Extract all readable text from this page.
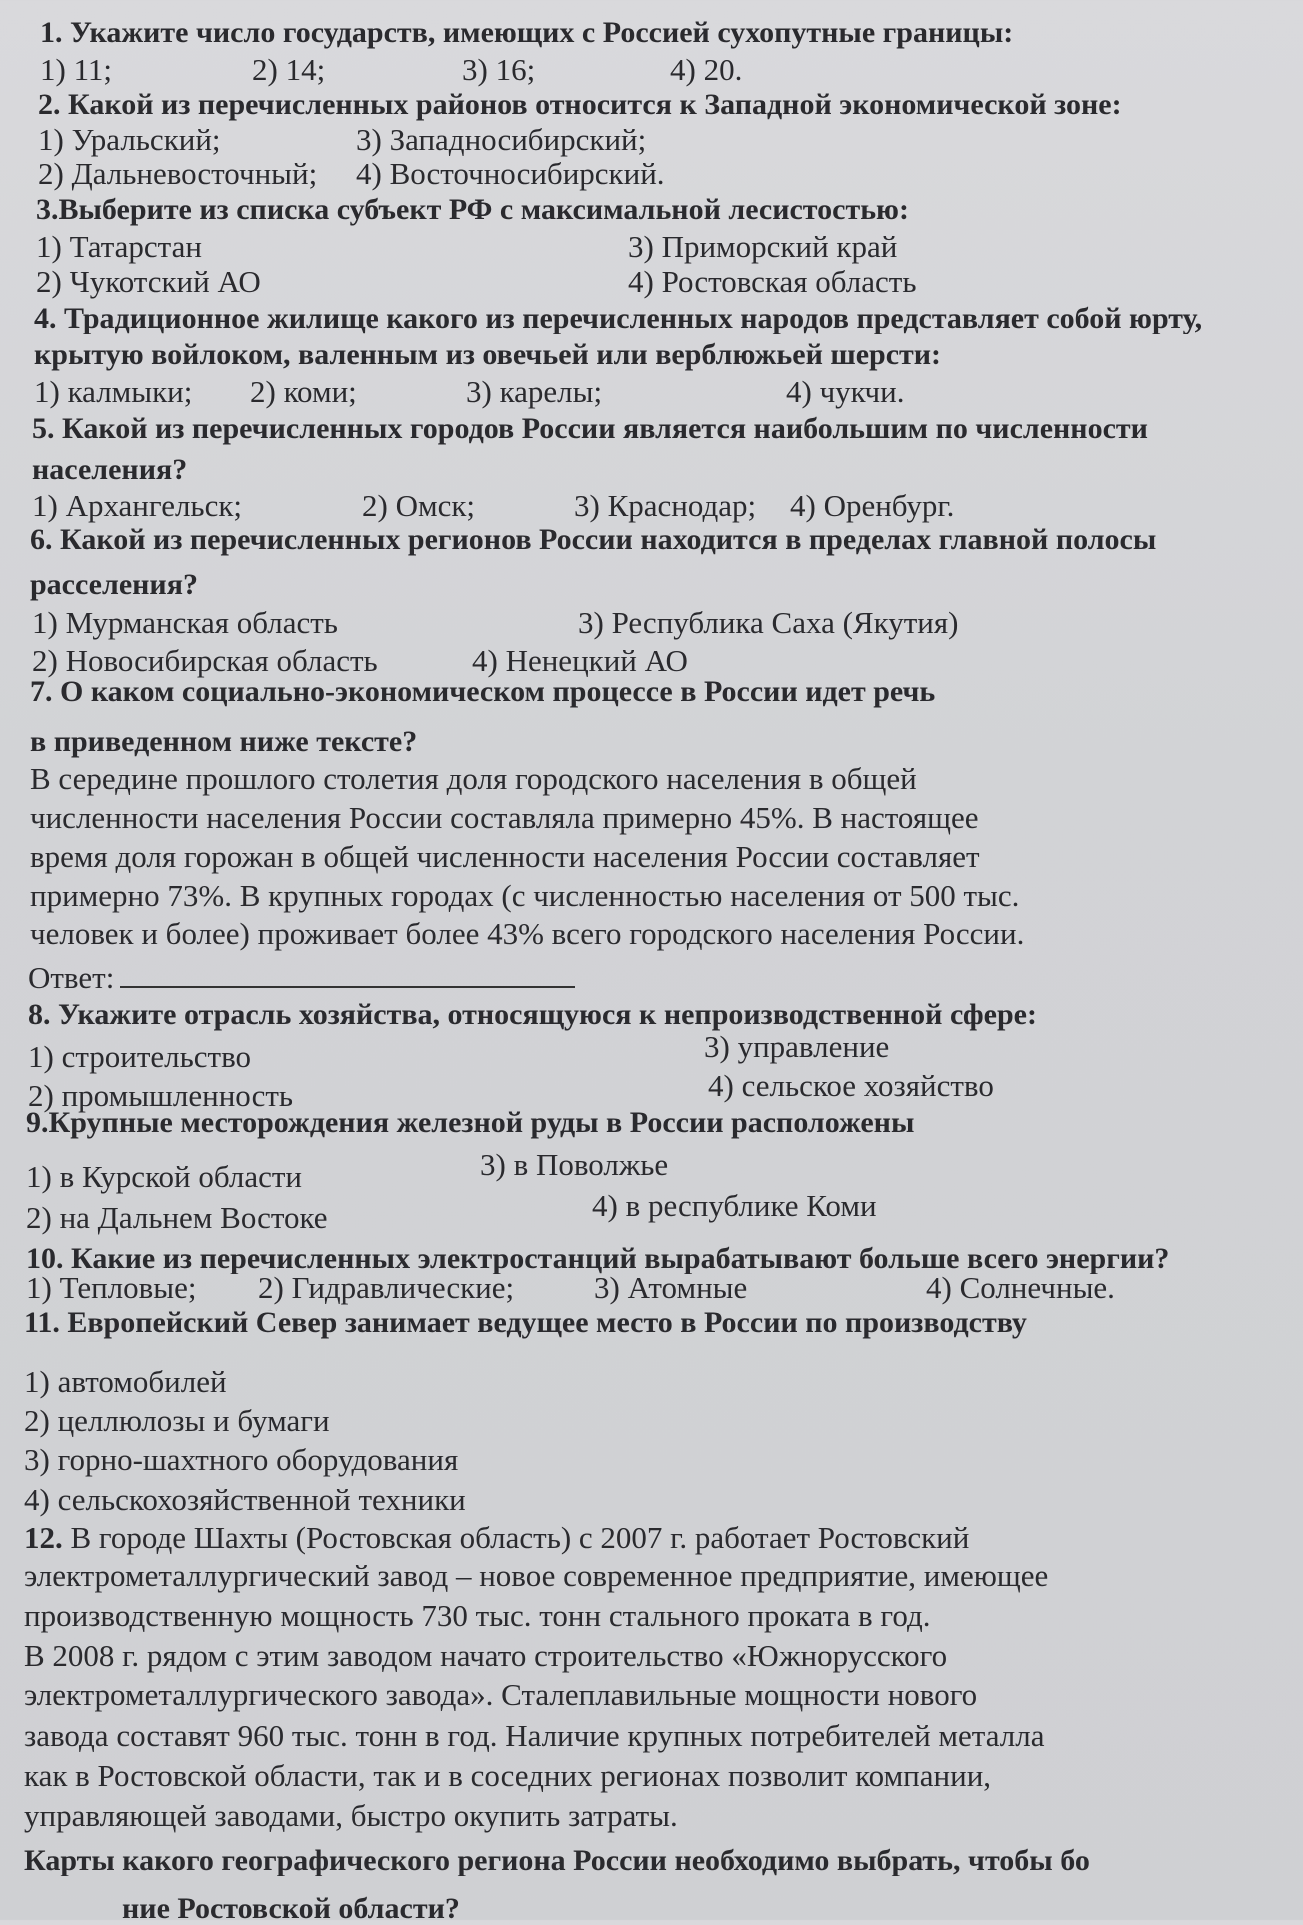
1. Укажите число государств, имеющих с Россией сухопутные границы:
1) 11;	2) 14;	3) 16;	4) 20.
2. Какой из перечисленных районов относится к Западной экономической зоне:
1) Уральский;	3) Западносибирский;
2) Дальневосточный; 4) Восточносибирский.
3.Выберите из списка субъект РФ с максимальной лесистостью:
1) Татарстан	3) Приморский край
2) Чукотский АО	4) Ростовская область
4. Традиционное жилище какого из перечисленных народов представляет собой юрту,
крытую войлоком, валенным из овечьей или верблюжьей шерсти:
1) калмыки; 2) коми;	3) карелы;	4) чукчи.
5. Какой из перечисленных городов России является наибольшим по численности
населения?
1) Архангельск;	2) Омск;	3) Краснодар; 4) Оренбург.
6. Какой из перечисленных регионов России находится в пределах главной полосы
расселения?
1) Мурманская область	3) Республика Саха (Якутия)
2) Новосибирская область	4) Ненецкий АО
7. О каком социально-экономическом процессе в России идет речь
в приведенном ниже тексте?
В середине прошлого столетия доля городского населения в общей
численности населения России составляла примерно 45%. В настоящее
время доля горожан в общей численности населения России составляет
примерно 73%. В крупных городах (с численностью населения от 500 тыс.
человек и более) проживает более 43% всего городского населения России.
Ответ:
8. Укажите отрасль хозяйства, относящуюся к непроизводственной сфере:
1) строительство	3) управление
2) промышленность	4) сельское хозяйство
9.Крупные месторождения железной руды в России расположены
1) в Курской области	3) в Поволжье
2) на Дальнем Востоке	4) в республике Коми
10. Какие из перечисленных электростанций вырабатывают больше всего энергии?
1) Тепловые; 2) Гидравлические;	3) Атомные	4) Солнечные.
11. Европейский Север занимает ведущее место в России по производству
1) автомобилей
2) целлюлозы и бумаги
3) горно-шахтного оборудования
4) сельскохозяйственной техники
12. В городе Шахты (Ростовская область) с 2007 г. работает Ростовский
электрометаллургический завод – новое современное предприятие, имеющее
производственную мощность 730 тыс. тонн стального проката в год.
В 2008 г. рядом с этим заводом начато строительство «Южнорусского
электрометаллургического завода». Сталеплавильные мощности нового
завода составят 960 тыс. тонн в год. Наличие крупных потребителей металла
как в Ростовской области, так и в соседних регионах позволит компании,
управляющей заводами, быстро окупить затраты.
Карты какого географического региона России необходимо выбрать, чтобы бо
ние Ростовской области?
